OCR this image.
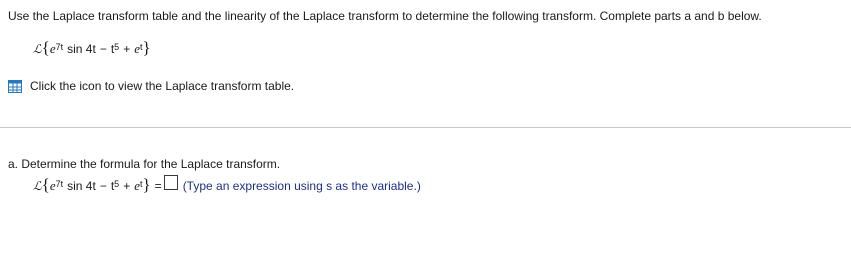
Use the Laplace transform table and the linearity of the Laplace transform to determine the following transform. Complete parts a and b below.
ℒ { $e^{7t}$ $\sin 4t - t^5 + e^t$ }
Click the icon to view the Laplace transform table.
a. Determine the formula for the Laplace transform.
ℒ { $e^{7t}$ $\sin 4t - t^5 + e^t$ } = (Type an expression using s as the variable.)
